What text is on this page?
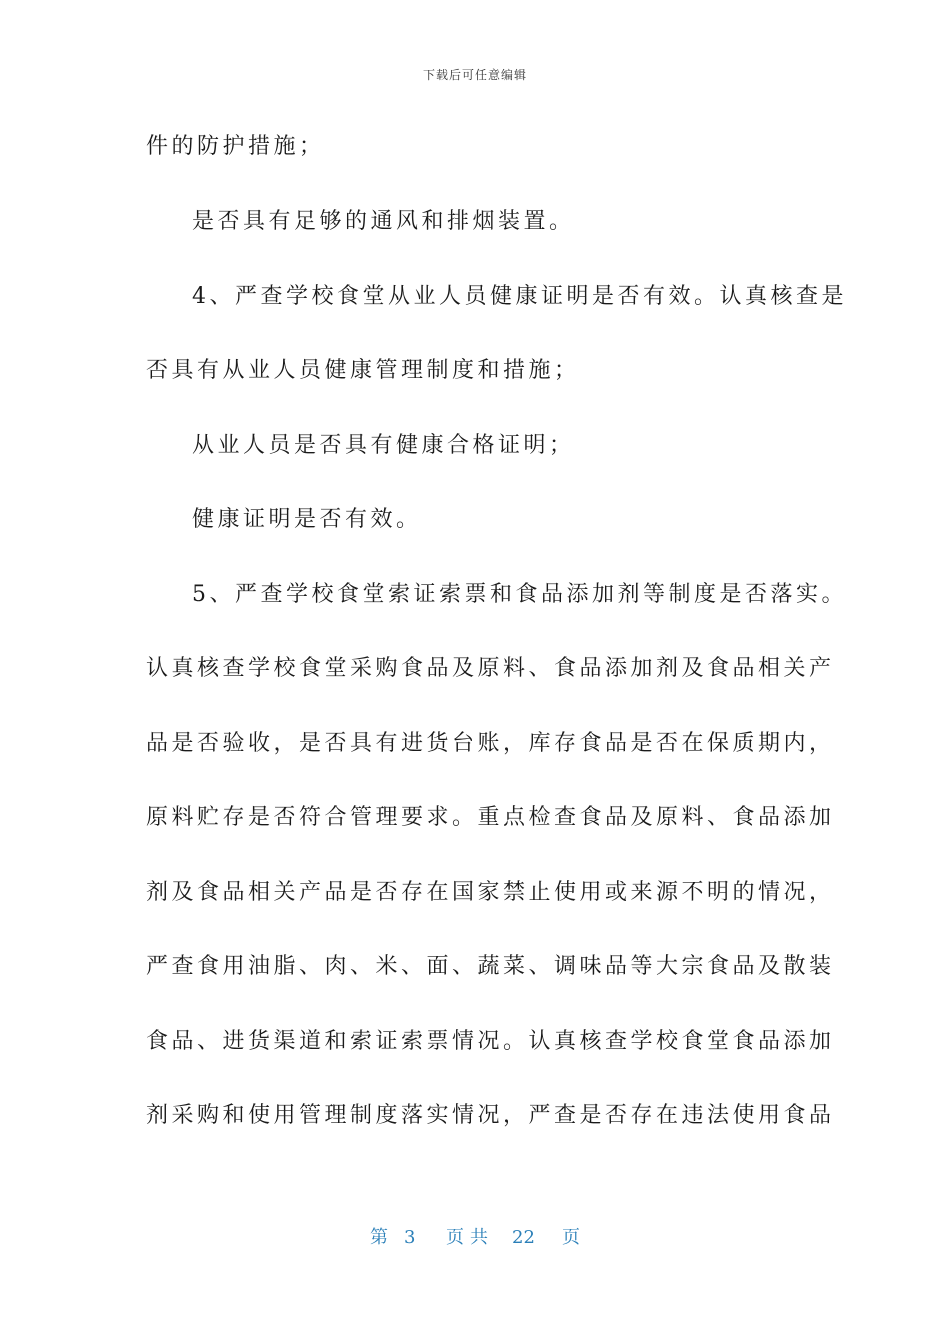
下载后可任意编辑
件的防护措施；
是否具有足够的通风和排烟装置。
4、严查学校食堂从业人员健康证明是否有效。认真核查是
否具有从业人员健康管理制度和措施；
从业人员是否具有健康合格证明；
健康证明是否有效。
5、严查学校食堂索证索票和食品添加剂等制度是否落实。
认真核查学校食堂采购食品及原料、食品添加剂及食品相关产
品是否验收，是否具有进货台账，库存食品是否在保质期内，
原料贮存是否符合管理要求。重点检查食品及原料、食品添加
剂及食品相关产品是否存在国家禁止使用或来源不明的情况，
严查食用油脂、肉、米、面、蔬菜、调味品等大宗食品及散装
食品、进货渠道和索证索票情况。认真核查学校食堂食品添加
剂采购和使用管理制度落实情况，严查是否存在违法使用食品
第 3 页共 22 页
